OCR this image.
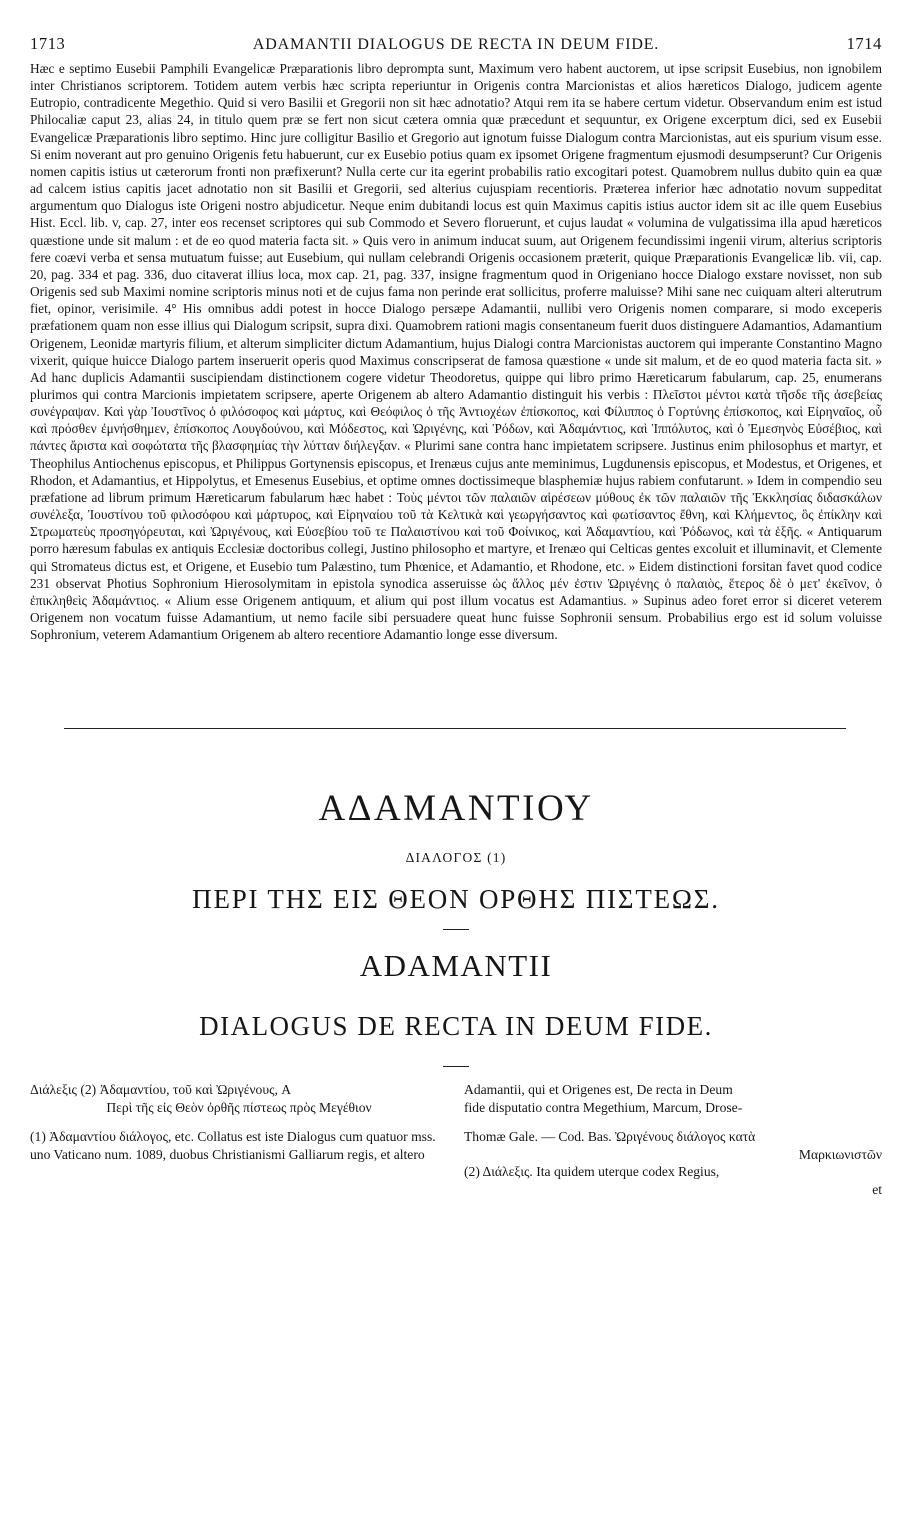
1713	ADAMANTII DIALOGUS DE RECTA IN DEUM FIDE.	1714

Hæc e septimo Eusebii Pamphili Evangelicæ Præparationis libro deprompta sunt, Maximum vero habent auctorem, ut ipse scripsit Eusebius, non ignobilem inter Christianos scriptorem. Totidem autem verbis hæc scripta reperiuntur in Origenis contra Marcionistas et alios hæreticos Dialogo, judicem agente Eutropio, contradicente Megethio. Quid si vero Basilii et Gregorii non sit hæc adnotatio? Atqui rem ita se habere certum videtur. Observandum enim est istud Philocaliæ caput 23, alias 24, in titulo quem præ se fert non sicut cætera omnia quæ præcedunt et sequuntur, ex Origene excerptum dici, sed ex Eusebii Evangelicæ Præparationis libro septimo. Hinc jure colligitur Basilio et Gregorio aut ignotum fuisse Dialogum contra Marcionistas, aut eis spurium visum esse. Si enim noverant aut pro genuino Origenis fetu habuerunt, cur ex Eusebio potius quam ex ipsomet Origene fragmentum ejusmodi desumpserunt? Cur Origenis nomen capitis istius ut cæterorum fronti non præfixerunt? Nulla certe cur ita egerint probabilis ratio excogitari potest. Quamobrem nullus dubito quin ea quæ ad calcem istius capitis jacet adnotatio non sit Basilii et Gregorii, sed alterius cujuspiam recentioris. Præterea inferior hæc adnotatio novum suppeditat argumentum quo Dialogus iste Origeni nostro abjudicetur. Neque enim dubitandi locus est quin Maximus capitis istius auctor idem sit ac ille quem Eusebius Hist. Eccl. lib. v, cap. 27, inter eos recenset scriptores qui sub Commodo et Severo floruerunt, et cujus laudat « volumina de vulgatissima illa apud hæreticos quæstione unde sit malum : et de eo quod materia facta sit. » Quis vero in animum inducat suum, aut Origenem fecundissimi ingenii virum, alterius scriptoris fere coævi verba et sensa mutuatum fuisse; aut Eusebium, qui nullam celebrandi Origenis occasionem præterit, quique Præparationis Evangelicæ lib. vii, cap. 20, pag. 334 et pag. 336, duo citaverat illius loca, mox cap. 21, pag. 337, insigne fragmentum quod in Origeniano hocce Dialogo exstare novisset, non sub Origenis sed sub Maximi nomine scriptoris minus noti et de cujus fama non perinde erat sollicitus, proferre maluisse? Mihi sane nec cuiquam alteri alterutrum fiet, opinor, verisimile. 4° His omnibus addi potest in hocce Dialogo persæpe Adamantii, nullibi vero Origenis nomen comparare, si modo exceperis præfationem quam non esse illius qui Dialogum scripsit, supra dixi. Quamobrem rationi magis consentaneum fuerit duos distinguere Adamantios, Adamantium Origenem, Leonidæ martyris filium, et alterum simpliciter dictum Adamantium, hujus Dialogi contra Marcionistas auctorem qui imperante Constantino Magno vixerit, quique huicce Dialogo partem inseruerit operis quod Maximus conscripserat de famosa quæstione « unde sit malum, et de eo quod materia facta sit. » Ad hanc duplicis Adamantii suscipiendam distinctionem cogere videtur Theodoretus, quippe qui libro primo Hæreticarum fabularum, cap. 25, enumerans plurimos qui contra Marcionis impietatem scripsere, aperte Origenem ab altero Adamantio distinguit his verbis : Πλεῖστοι μέντοι κατὰ τῆσδε τῆς ἀσεβείας συνέγραψαν. Καὶ γὰρ Ἰουστῖνος ὁ φιλόσοφος καὶ μάρτυς, καὶ Θεόφιλος ὁ τῆς Ἀντιοχέων ἐπίσκοπος, καὶ Φίλιππος ὁ Γορτύνης ἐπίσκοπος, καὶ Εἰρηναῖος, οὗ καὶ πρόσθεν ἐμνήσθημεν, ἐπίσκοπος Λουγδούνου, καὶ Μόδεστος, καὶ Ὠριγένης, καὶ Ῥόδων, καὶ Ἀδαμάντιος, καὶ Ἱππόλυτος, καὶ ὁ Ἐμεσηνὸς Εὐσέβιος, καὶ πάντες ἄριστα καὶ σοφώτατα τῆς βλασφημίας τὴν λύτταν διήλεγξαν. « Plurimi sane contra hanc impietatem scripsere. Justinus enim philosophus et martyr, et Theophilus Antiochenus episcopus, et Philippus Gortynensis episcopus, et Irenæus cujus ante meminimus, Lugdunensis episcopus, et Modestus, et Origenes, et Rhodon, et Adamantius, et Hippolytus, et Emesenus Eusebius, et optime omnes doctissimeque blasphemiæ hujus rabiem confutarunt. » Idem in compendio seu præfatione ad librum primum Hæreticarum fabularum hæc habet : Τοὺς μέντοι τῶν παλαιῶν αἱρέσεων μύθους ἐκ τῶν παλαιῶν τῆς Ἐκκλησίας διδασκάλων συνέλεξα, Ἰουστίνου τοῦ φιλοσόφου καὶ μάρτυρος, καὶ Εἰρηναίου τοῦ τὰ Κελτικὰ καὶ γεωργήσαντος καὶ φωτίσαντος ἔθνη, καὶ Κλήμεντος, ὃς ἐπίκλην καὶ Στρωματεὺς προσηγόρευται, καὶ Ὠριγένους, καὶ Εὐσεβίου τοῦ τε Παλαιστίνου καὶ τοῦ Φοίνικος, καὶ Ἀδαμαντίου, καὶ Ῥόδωνος, καὶ τὰ ἑξῆς. « Antiquarum porro hæresum fabulas ex antiquis Ecclesiæ doctoribus collegi, Justino philosopho et martyre, et Irenæo qui Celticas gentes excoluit et illuminavit, et Clemente qui Stromateus dictus est, et Origene, et Eusebio tum Palæstino, tum Phœnice, et Adamantio, et Rhodone, etc. » Eidem distinctioni forsitan favet quod codice 231 observat Photius Sophronium Hierosolymitam in epistola synodica asseruisse ὡς ἄλλος μέν ἐστιν Ὠριγένης ὁ παλαιὸς, ἕτερος δὲ ὁ μετ' ἐκεῖνον, ὁ ἐπικληθεὶς Ἀδαμάντιος. « Alium esse Origenem antiquum, et alium qui post illum vocatus est Adamantius. » Supinus adeo foret error si diceret veterem Origenem non vocatum fuisse Adamantium, ut nemo facile sibi persuadere queat hunc fuisse Sophronii sensum. Probabilius ergo est id solum voluisse Sophronium, veterem Adamantium Origenem ab altero recentiore Adamantio longe esse diversum.

ΑΔΑΜΑΝΤΙΟΥ
ΔΙΑΛΟΓΟΣ (1)
ΠΕΡΙ ΤΗΣ ΕΙΣ ΘΕΟΝ ΟΡΘΗΣ ΠΙΣΤΕΩΣ.
ADAMANTII
DIALOGUS DE RECTA IN DEUM FIDE.

Διάλεξις (2) Ἀδαμαντίου, τοῦ καὶ Ὠριγένους, A

Περὶ τῆς εἰς Θεὸν ὀρθῆς πίστεως πρὸς Μεγέθιον

(1) Ἀδαμαντίου διάλογος, etc. Collatus est iste Dialogus cum quatuor mss. uno Vaticano num. 1089, duobus Christianismi Galliarum regis, et altero

Adamantii, qui et Origenes est, De recta in Deum

fide disputatio contra Megethium, Marcum, Drose-

Thomæ Gale. — Cod. Bas. Ὠριγένους διάλογος κατὰ

Μαρκιωνιστῶν

(2) Διάλεξις. Ita quidem uterque codex Regius,

et
